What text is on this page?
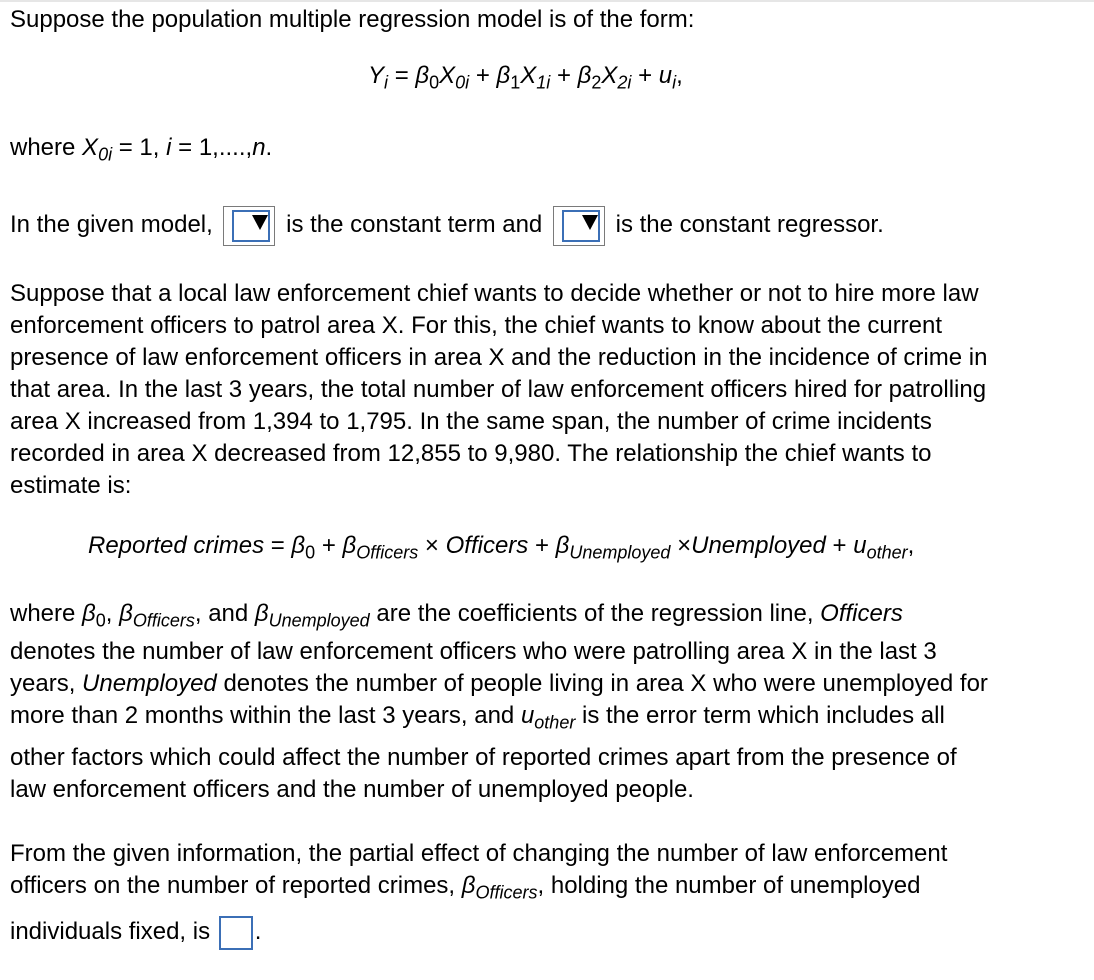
Suppose the population multiple regression model is of the form:
$Y_i = \beta_0X_{0i} + \beta_1X_{1i} + \beta_2X_{2i} + u_i$,
where $X_{0i} = 1$, i = 1,....,n.
In the given model,	is the constant term and	is the constant regressor.
Suppose that a local law enforcement chief wants to decide whether or not to hire more law
enforcement officers to patrol area X. For this, the chief wants to know about the current
presence of law enforcement officers in area X and the reduction in the incidence of crime in
that area. In the last 3 years, the total number of law enforcement officers hired for patrolling
area X increased from 1,394 to 1,795. In the same span, the number of crime incidents
recorded in area X decreased from 12,855 to 9,980. The relationship the chief wants to
estimate is:
Reported crimes = $\beta_0 + \beta_{Officers}$ × Officers + $\beta_{Unemployed}$ ×Unemployed + $u_{other}$,
where $\beta_0$, $\beta_{Officers}$, and $\beta_{Unemployed}$ are the coefficients of the regression line, Officers
denotes the number of law enforcement officers who were patrolling area X in the last 3
years, Unemployed denotes the number of people living in area X who were unemployed for
more than 2 months within the last 3 years, and $u_{other}$ is the error term which includes all
other factors which could affect the number of reported crimes apart from the presence of
law enforcement officers and the number of unemployed people.
From the given information, the partial effect of changing the number of law enforcement
officers on the number of reported crimes, $\beta_{Officers}$, holding the number of unemployed
individuals fixed, is .
